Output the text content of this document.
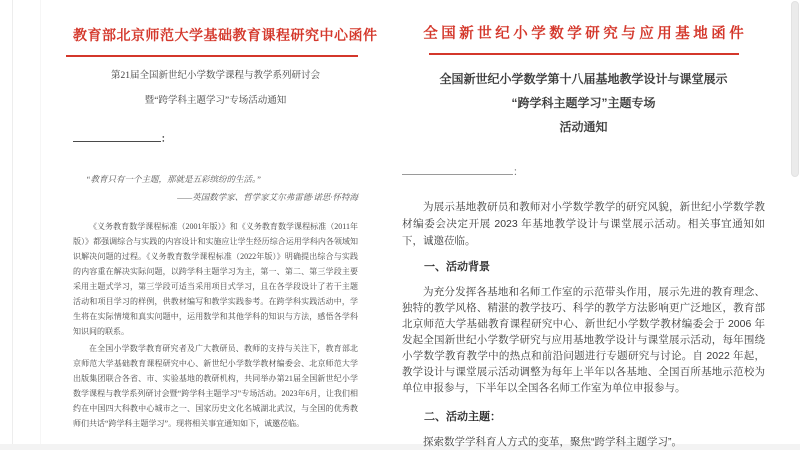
教育部北京师范大学基础教育课程研究中心函件
第21届全国新世纪小学数学课程与教学系列研讨会
暨“跨学科主题学习”专场活动通知
：
“教育只有一个主题，那就是五彩缤纷的生活。”
——英国数学家、哲学家艾尔弗雷德·诺思·怀特海
《义务教育数学课程标准（2001年版）》和《义务教育数学课程标准（2011年版）》都强调综合与实践的内容设计和实施应让学生经历综合运用学科内各领域知识解决问题的过程。《义务教育数学课程标准（2022年版）》明确提出综合与实践的内容重在解决实际问题，以跨学科主题学习为主，第一、第二、第三学段主要采用主题式学习，第三学段可适当采用项目式学习，且在各学段设计了若干主题活动和项目学习的样例，供教材编写和教学实践参考。在跨学科实践活动中，学生将在实际情境和真实问题中，运用数学和其他学科的知识与方法，感悟各学科知识间的联系。
在全国小学数学教育研究者及广大教研员、教师的支持与关注下，教育部北京师范大学基础教育课程研究中心、新世纪小学数学教材编委会、北京师范大学出版集团联合各省、市、实验基地的教研机构，共同举办第21届全国新世纪小学数学课程与教学系列研讨会暨“跨学科主题学习”专场活动。2023年6月，让我们相约在中国四大科教中心城市之一、国家历史文化名城湖北武汉，与全国的优秀教师们共话“跨学科主题学习”。现将相关事宜通知如下，诚邀莅临。
全国新世纪小学数学研究与应用基地函件
全国新世纪小学数学第十八届基地教学设计与课堂展示
“跨学科主题学习”主题专场
活动通知
：
为展示基地教研员和教师对小学数学教学的研究风貌，新世纪小学数学教材编委会决定开展 2023 年基地教学设计与课堂展示活动。相关事宜通知如下，诚邀莅临。
一、活动背景
为充分发挥各基地和名师工作室的示范带头作用，展示先进的教育理念、独特的教学风格、精湛的教学技巧、科学的教学方法影响更广泛地区，教育部北京师范大学基础教育课程研究中心、新世纪小学数学教材编委会于 2006 年发起全国新世纪小学数学研究与应用基地教学设计与课堂展示活动，每年围绕小学数学教育教学中的热点和前沿问题进行专题研究与讨论。自 2022 年起，教学设计与课堂展示活动调整为每年上半年以各基地、全国百所基地示范校为单位申报参与，下半年以全国各名师工作室为单位申报参与。
二、活动主题：
探索数学学科育人方式的变革，聚焦“跨学科主题学习”。
